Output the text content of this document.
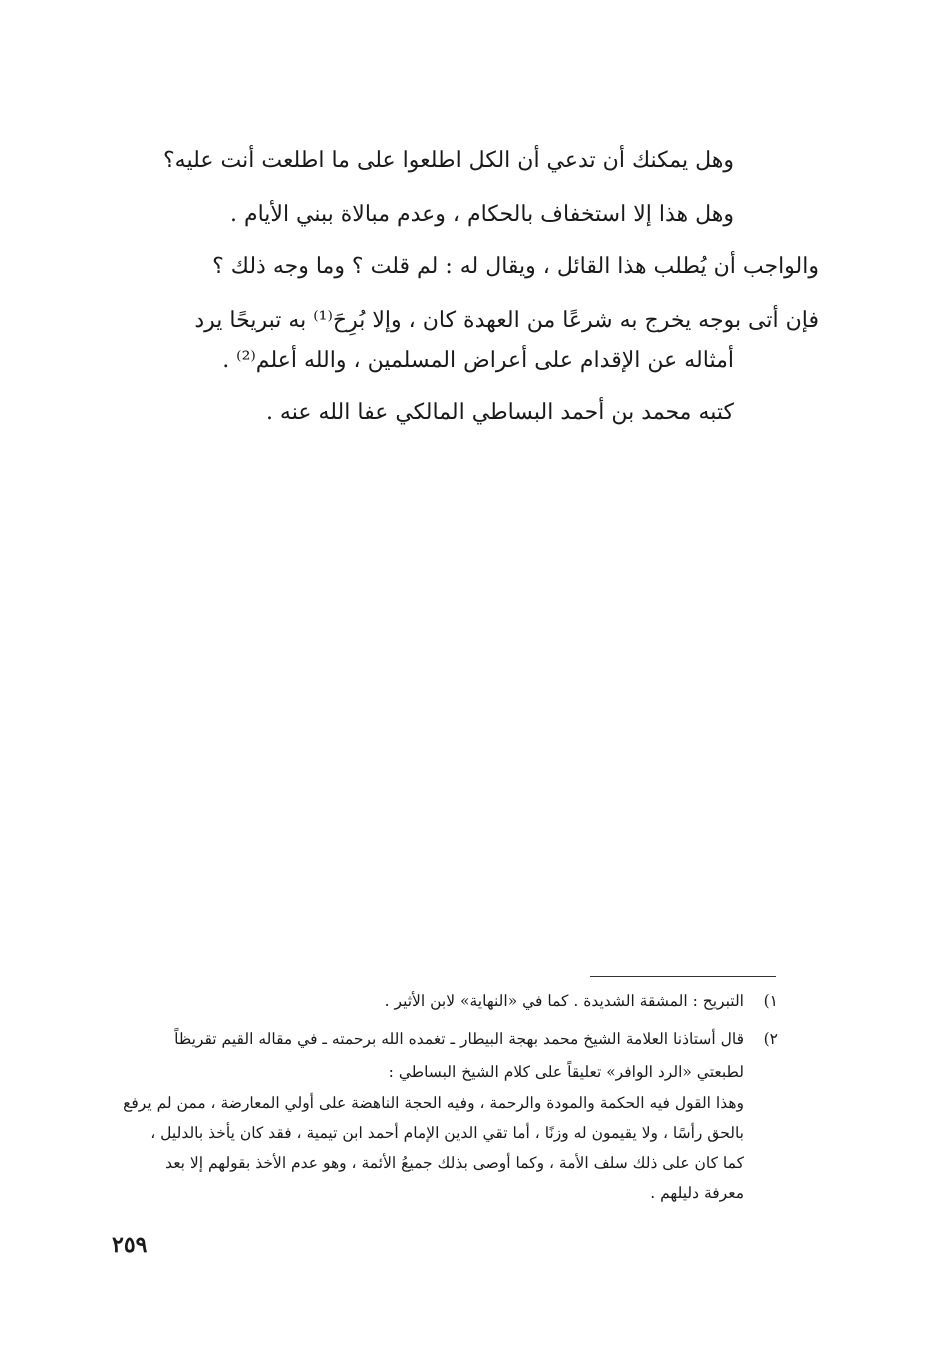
وهل يمكنك أن تدعي أن الكل اطلعوا على ما اطلعت أنت عليه؟
وهل هذا إلا استخفاف بالحكام ، وعدم مبالاة ببني الأيام .
والواجب أن يُطلب هذا القائل ، ويقال له : لم قلت ؟ وما وجه ذلك ؟
فإن أتى بوجه يخرج به شرعًا من العهدة كان ، وإلا بُرِحَ⁽¹⁾ به تبريحًا يرد
أمثاله عن الإقدام على أعراض المسلمين ، والله أعلم⁽²⁾ .
كتبه محمد بن أحمد البساطي المالكي عفا الله عنه .
١)
التبريح : المشقة الشديدة . كما في «النهاية» لابن الأثير .
٢)
قال أستاذنا العلامة الشيخ محمد بهجة البيطار ـ تغمده الله برحمته ـ في مقاله القيم تقريظاً
لطبعتي «الرد الوافر» تعليقاً على كلام الشيخ البساطي :
وهذا القول فيه الحكمة والمودة والرحمة ، وفيه الحجة الناهضة على أولي المعارضة ، ممن لم يرفع
بالحق رأسًا ، ولا يقيمون له وزنًا ، أما تقي الدين الإمام أحمد ابن تيمية ، فقد كان يأخذ بالدليل ،
كما كان على ذلك سلف الأمة ، وكما أوصى بذلك جميعُ الأئمة ، وهو عدم الأخذ بقولهم إلا بعد
معرفة دليلهم .
٢٥٩
